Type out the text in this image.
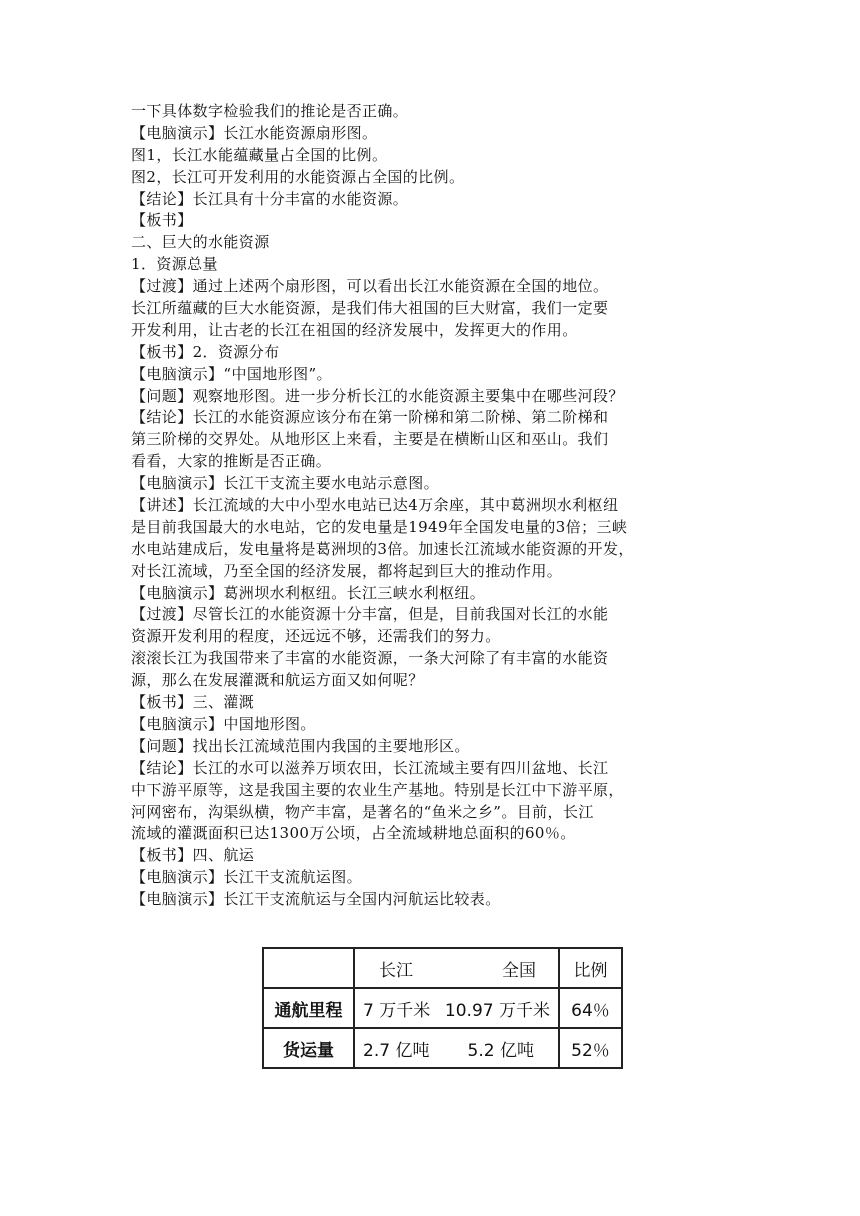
一下具体数字检验我们的推论是否正确。
【电脑演示】长江水能资源扇形图。
图1，长江水能蕴藏量占全国的比例。
图2，长江可开发利用的水能资源占全国的比例。
【结论】长江具有十分丰富的水能资源。
【板书】
二、巨大的水能资源
1．资源总量
【过渡】通过上述两个扇形图，可以看出长江水能资源在全国的地位。
长江所蕴藏的巨大水能资源，是我们伟大祖国的巨大财富，我们一定要
开发利用，让古老的长江在祖国的经济发展中，发挥更大的作用。
【板书】2．资源分布
【电脑演示】“中国地形图”。
【问题】观察地形图。进一步分析长江的水能资源主要集中在哪些河段？
【结论】长江的水能资源应该分布在第一阶梯和第二阶梯、第二阶梯和
第三阶梯的交界处。从地形区上来看，主要是在横断山区和巫山。我们
看看，大家的推断是否正确。
【电脑演示】长江干支流主要水电站示意图。
【讲述】长江流域的大中小型水电站已达4万余座，其中葛洲坝水利枢纽
是目前我国最大的水电站，它的发电量是1949年全国发电量的3倍；三峡
水电站建成后，发电量将是葛洲坝的3倍。加速长江流域水能资源的开发，
对长江流域，乃至全国的经济发展，都将起到巨大的推动作用。
【电脑演示】葛洲坝水利枢纽。长江三峡水利枢纽。
【过渡】尽管长江的水能资源十分丰富，但是，目前我国对长江的水能
资源开发利用的程度，还远远不够，还需我们的努力。
滚滚长江为我国带来了丰富的水能资源，一条大河除了有丰富的水能资
源，那么在发展灌溉和航运方面又如何呢？
【板书】三、灌溉
【电脑演示】中国地形图。
【问题】找出长江流域范围内我国的主要地形区。
【结论】长江的水可以滋养万顷农田，长江流域主要有四川盆地、长江
中下游平原等，这是我国主要的农业生产基地。特别是长江中下游平原，
河网密布，沟渠纵横，物产丰富，是著名的“鱼米之乡”。目前，长江
流域的灌溉面积已达1300万公顷，占全流域耕地总面积的60％。
【板书】四、航运
【电脑演示】长江干支流航运图。
【电脑演示】长江干支流航运与全国内河航运比较表。

	长江 全国	比例
通航里程	7 万千米 10.97 万千米	64％
货运量	2.7 亿吨 5.2 亿吨	52％
